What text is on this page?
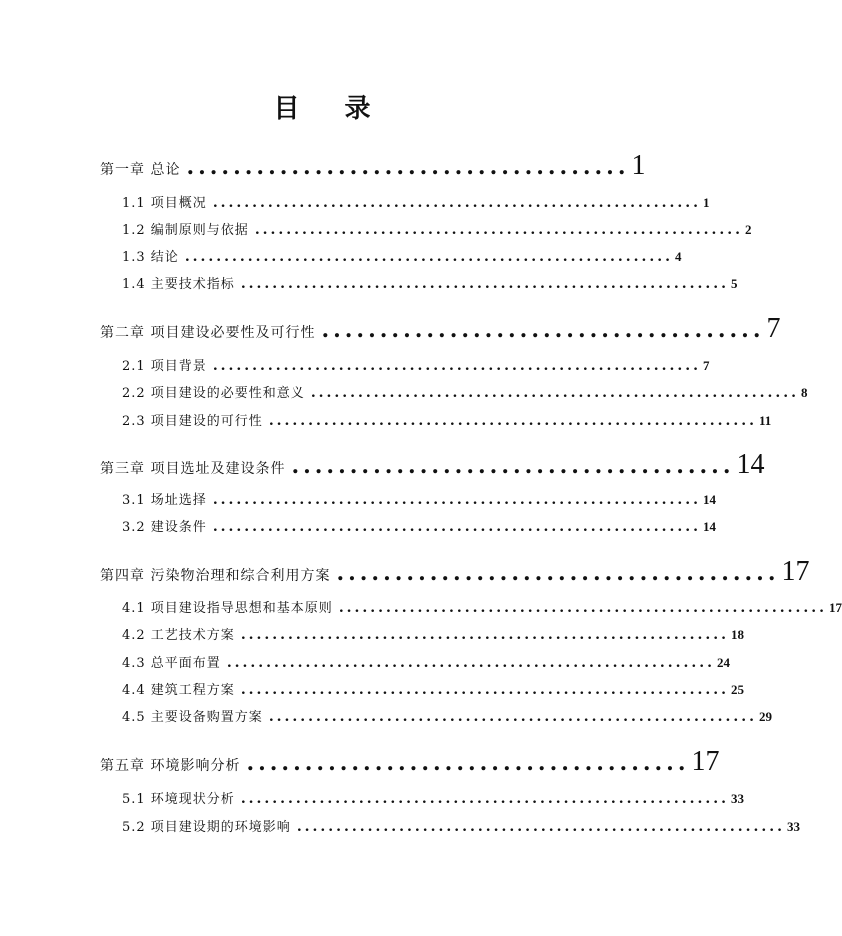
目 录
第一章 总论 ...................................... 1
1.1 项目概况 .............................................................. 1
1.2 编制原则与依据 .............................................................. 2
1.3 结论 .............................................................. 4
1.4 主要技术指标 .............................................................. 5
第二章 项目建设必要性及可行性 ...................................... 7
2.1 项目背景 .............................................................. 7
2.2 项目建设的必要性和意义 .............................................................. 8
2.3 项目建设的可行性 .............................................................. 11
第三章 项目选址及建设条件 ...................................... 14
3.1 场址选择 .............................................................. 14
3.2 建设条件 .............................................................. 14
第四章 污染物治理和综合利用方案 ...................................... 17
4.1 项目建设指导思想和基本原则 .............................................................. 17
4.2 工艺技术方案 .............................................................. 18
4.3 总平面布置 .............................................................. 24
4.4 建筑工程方案 .............................................................. 25
4.5 主要设备购置方案 .............................................................. 29
第五章 环境影响分析 ...................................... 17
5.1 环境现状分析 .............................................................. 33
5.2 项目建设期的环境影响 .............................................................. 33
